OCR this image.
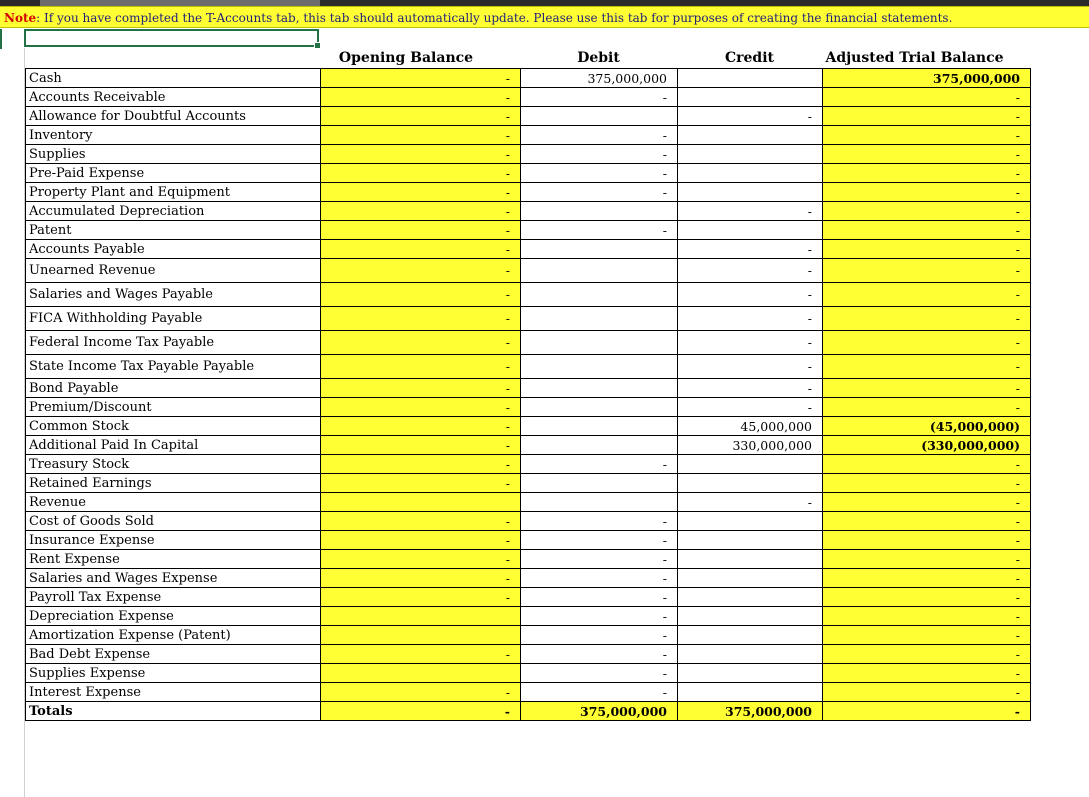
Note: If you have completed the T-Accounts tab, this tab should automatically update. Please use this tab for purposes of creating the financial statements.
Opening Balance	Debit	Credit	Adjusted Trial Balance
Cash	-	375,000,000		375,000,000
Accounts Receivable	-	-		-
Allowance for Doubtful Accounts	-		-	-
Inventory	-	-		-
Supplies	-	-		-
Pre-Paid Expense	-	-		-
Property Plant and Equipment	-	-		-
Accumulated Depreciation	-		-	-
Patent	-	-		-
Accounts Payable	-		-	-
Unearned Revenue	-		-	-
Salaries and Wages Payable	-		-	-
FICA Withholding Payable	-		-	-
Federal Income Tax Payable	-		-	-
State Income Tax Payable Payable	-		-	-
Bond Payable	-		-	-
Premium/Discount	-		-	-
Common Stock	-		45,000,000	(45,000,000)
Additional Paid In Capital	-		330,000,000	(330,000,000)
Treasury Stock	-	-		-
Retained Earnings	-			-
Revenue			-	-
Cost of Goods Sold	-	-		-
Insurance Expense	-	-		-
Rent Expense	-	-		-
Salaries and Wages Expense	-	-		-
Payroll Tax Expense	-	-		-
Depreciation Expense		-		-
Amortization Expense (Patent)		-		-
Bad Debt Expense	-	-		-
Supplies Expense		-		-
Interest Expense	-	-		-
Totals	-	375,000,000	375,000,000	-
